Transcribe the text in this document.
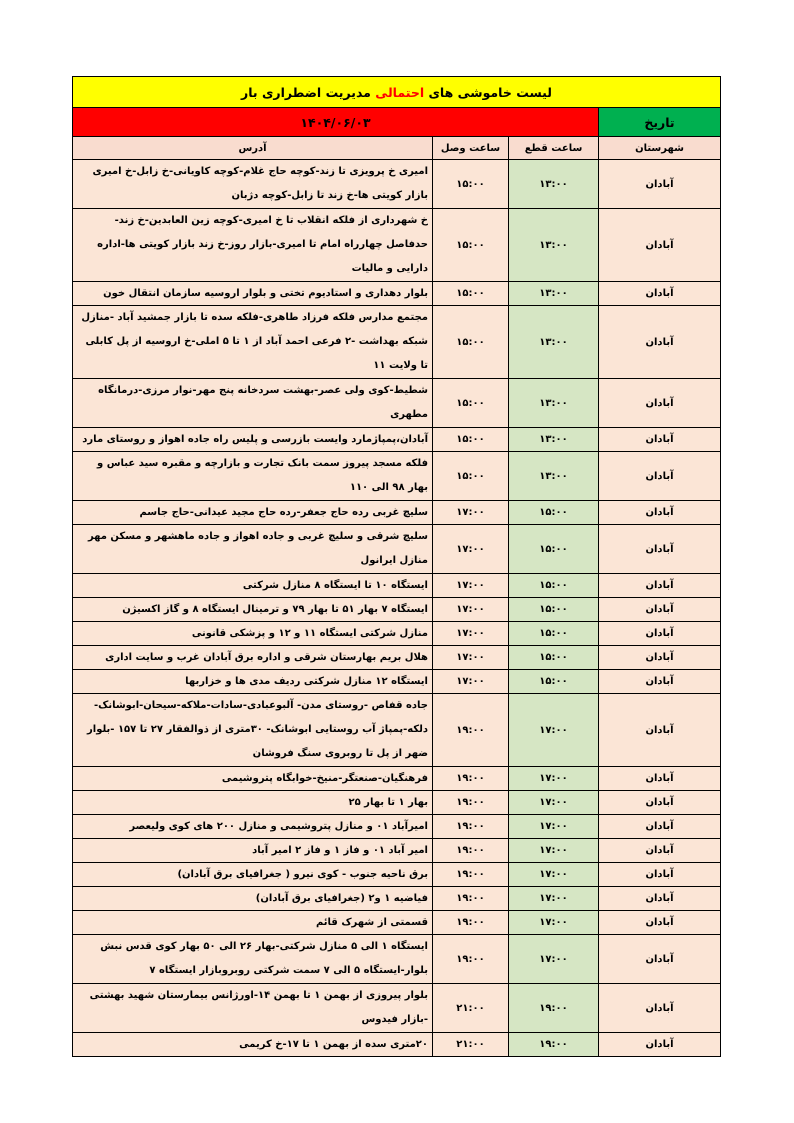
لیست خاموشی های احتمالی مدیریت اضطراری بار			
تاریخ	۱۴۰۴/۰۶/۰۳		
شهرستان	ساعت قطع	ساعت وصل	آدرس
آبادان	۱۳:۰۰	۱۵:۰۰	امیری خ پرویزی تا زند-کوچه حاج غلام-کوچه کاویانی-خ زابل-خ امیری بازار کویتی ها-خ زند تا زابل-کوچه دژبان
آبادان	۱۳:۰۰	۱۵:۰۰	خ شهرداری از فلکه انقلاب تا خ امیری-کوچه زین العابدین-خ زند-حدفاصل چهارراه امام تا امیری-بازار روز-خ زند بازار کویتی ها-اداره دارایی و مالیات
آبادان	۱۳:۰۰	۱۵:۰۰	بلوار دهداری و استادیوم تختی و بلوار اروسیه سازمان انتقال خون
آبادان	۱۳:۰۰	۱۵:۰۰	مجتمع مدارس فلکه فرزاد طاهری-فلکه سده تا بازار جمشید آباد -منازل شبکه بهداشت -۲ فرعی احمد آباد از ۱ تا ۵ املی-خ اروسیه از پل کابلی تا ولایت ۱۱
آبادان	۱۳:۰۰	۱۵:۰۰	شطیط-کوی ولی عصر-بهشت سردخانه پنج مهر-نوار مرزی-درمانگاه مطهری
آبادان	۱۳:۰۰	۱۵:۰۰	آبادان،پمپاژمارد وایست بازرسی و پلیس راه جاده اهواز و روستای مارد
آبادان	۱۳:۰۰	۱۵:۰۰	فلکه مسجد پیروز سمت بانک تجارت و بازارچه و مقبره سید عباس و بهار ۹۸ الی ۱۱۰
آبادان	۱۵:۰۰	۱۷:۰۰	سلیچ غربی رده حاج جعفر-رده حاج مجید عیدانی-حاج جاسم
آبادان	۱۵:۰۰	۱۷:۰۰	سلیچ شرقی و سلیچ غربی و جاده اهواز و جاده ماهشهر و مسکن مهر منازل ایرانول
آبادان	۱۵:۰۰	۱۷:۰۰	ایستگاه ۱۰ تا ایستگاه ۸ منازل شرکتی
آبادان	۱۵:۰۰	۱۷:۰۰	ایستگاه ۷ بهار ۵۱ تا بهار ۷۹ و ترمینال ایستگاه ۸ و گاز اکسیژن
آبادان	۱۵:۰۰	۱۷:۰۰	منازل شرکتی ایستگاه ۱۱ و ۱۲ و پزشکی قانونی
آبادان	۱۵:۰۰	۱۷:۰۰	هلال بریم بهارستان شرقی و اداره برق آبادان غرب و سایت اداری
آبادان	۱۵:۰۰	۱۷:۰۰	ایستگاه ۱۲ منازل شرکتی ردیف مدی ها و خزاربها
آبادان	۱۷:۰۰	۱۹:۰۰	جاده قفاص -روستای مدن- آلبوعبادی-سادات-ملاکه-سیحان-ابوشانک-دلکه-پمپاژ آب روستایی ابوشانک- ۳۰متری از ذوالفقار ۲۷ تا ۱۵۷ -بلوار ضهر از پل تا روبروی سنگ فروشان
آبادان	۱۷:۰۰	۱۹:۰۰	فرهنگیان-صنعتگر-منیخ-خوابگاه پتروشیمی
آبادان	۱۷:۰۰	۱۹:۰۰	بهار ۱ تا بهار ۲۵
آبادان	۱۷:۰۰	۱۹:۰۰	امیرآباد ۰۱ و منازل پتروشیمی و منازل ۲۰۰ های کوی ولیعصر
آبادان	۱۷:۰۰	۱۹:۰۰	امیر آباد ۰۱ و فاز ۱ و فاز ۲ امیر آباد
آبادان	۱۷:۰۰	۱۹:۰۰	برق ناحیه جنوب - کوی نیرو ( جغرافیای برق آبادان)
آبادان	۱۷:۰۰	۱۹:۰۰	فیاضیه ۱ و۲ (جغرافیای برق آبادان)
آبادان	۱۷:۰۰	۱۹:۰۰	قسمتی از شهرک قائم
آبادان	۱۷:۰۰	۱۹:۰۰	ایستگاه ۱ الی ۵ منازل شرکتی-بهار ۲۶ الی ۵۰ بهار کوی قدس نبش بلوار-ایستگاه ۵ الی ۷ سمت شرکتی روبروبازار ایستگاه ۷
آبادان	۱۹:۰۰	۲۱:۰۰	بلوار پیروزی از بهمن ۱ تا بهمن ۱۴-اورژانس بیمارستان شهید بهشتی -بازار فیدوس
آبادان	۱۹:۰۰	۲۱:۰۰	۲۰متری سده از بهمن ۱ تا ۱۷-خ کریمی
